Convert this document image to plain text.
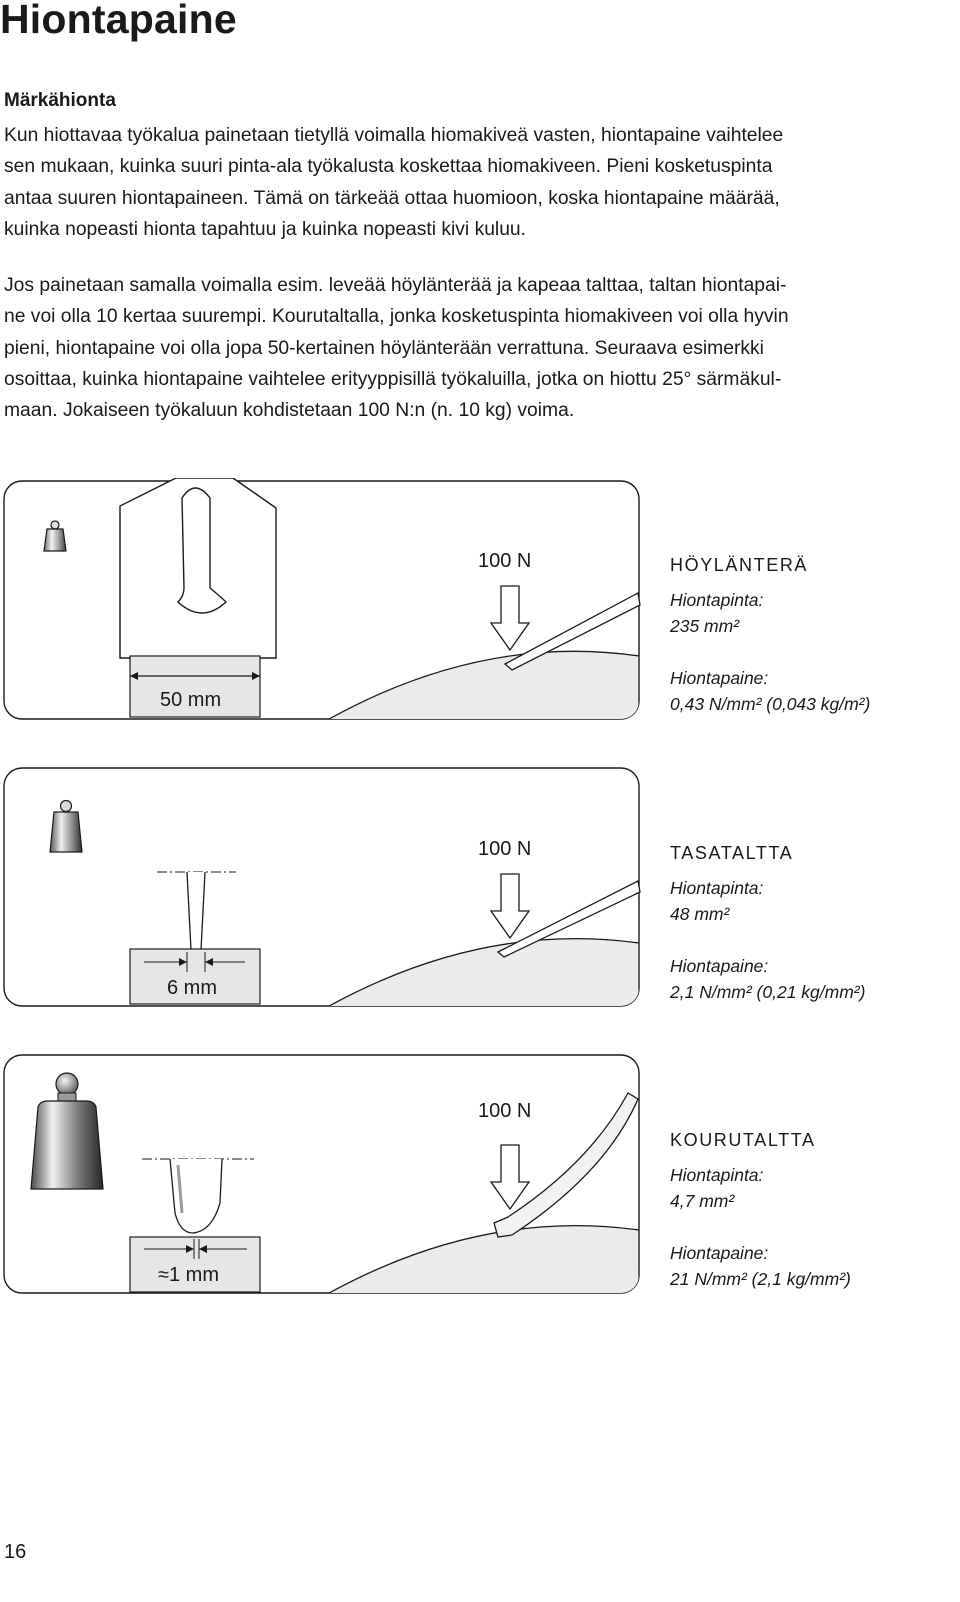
Hiontapaine
Märkähionta

Kun hiottavaa työkalua painetaan tietyllä voimalla hiomakiveä vasten, hiontapaine vaihtelee
sen mukaan, kuinka suuri pinta-ala työkalusta koskettaa hiomakiveen. Pieni kosketuspinta
antaa suuren hiontapaineen. Tämä on tärkeää ottaa huomioon, koska hiontapaine määrää,
kuinka nopeasti hionta tapahtuu ja kuinka nopeasti kivi kuluu.

Jos painetaan samalla voimalla esim. leveää höylänterää ja kapeaa talttaa, taltan hiontapai-
ne voi olla 10 kertaa suurempi. Kourutaltalla, jonka kosketuspinta hiomakiveen voi olla hyvin
pieni, hiontapaine voi olla jopa 50-kertainen höylänterään verrattuna. Seuraava esimerkki
osoittaa, kuinka hiontapaine vaihtelee erityyppisillä työkaluilla, jotka on hiottu 25° särmäkul-
maan. Jokaiseen työkaluun kohdistetaan 100 N:n (n. 10 kg) voima.

100 N
50 mm
HÖYLÄNTERÄ
Hiontapinta:
235 mm²
Hiontapaine:
0,43 N/mm² (0,043 kg/m²)
100 N
6 mm
TASATALTTA
Hiontapinta:
48 mm²
Hiontapaine:
2,1 N/mm² (0,21 kg/mm²)
100 N
≈1 mm
KOURUTALTTA
Hiontapinta:
4,7 mm²
Hiontapaine:
21 N/mm² (2,1 kg/mm²)
16
